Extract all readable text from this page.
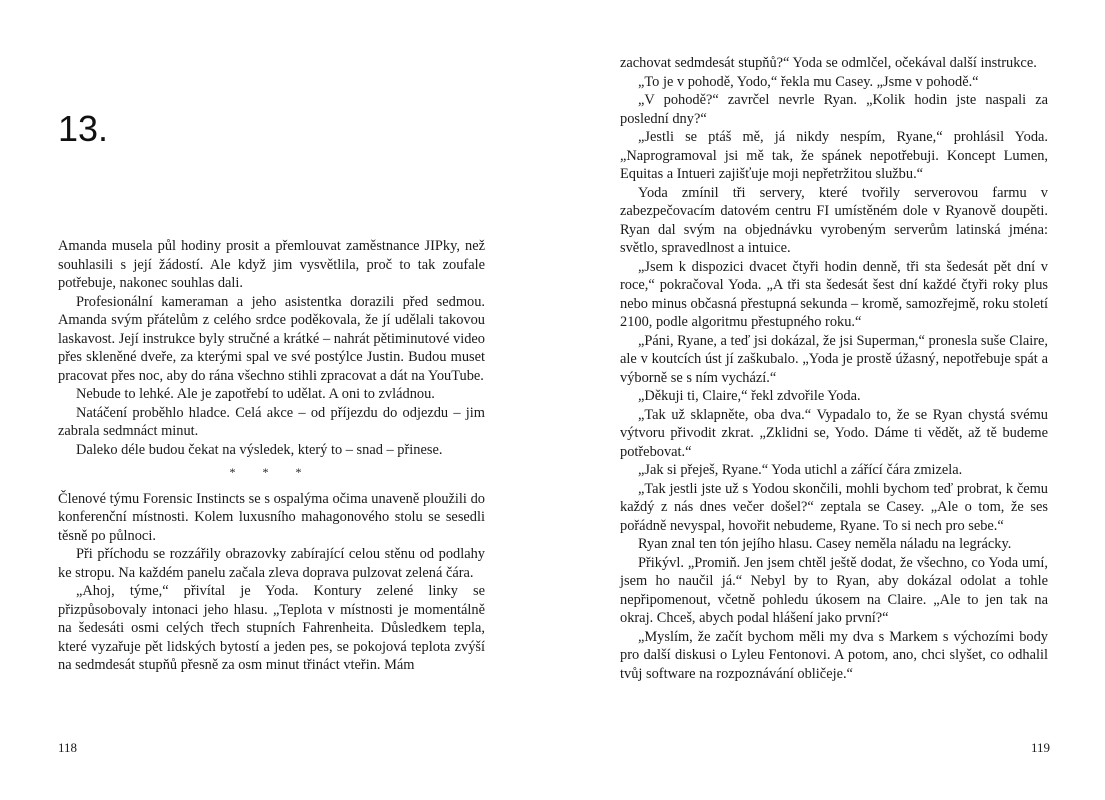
13.

Amanda musela půl hodiny prosit a přemlouvat zaměstnance JIPky, než souhlasili s její žádostí. Ale když jim vysvětlila, proč to tak zoufale potřebuje, nakonec souhlas dali.

Profesionální kameraman a jeho asistentka dorazili před sedmou. Amanda svým přátelům z celého srdce poděkovala, že jí udělali takovou laskavost. Její instrukce byly stručné a krátké – nahrát pětiminutové video přes skleněné dveře, za kterými spal ve své postýlce Justin. Budou muset pracovat přes noc, aby do rána všechno stihli zpracovat a dát na YouTube.

Nebude to lehké. Ale je zapotřebí to udělat. A oni to zvládnou.

Natáčení proběhlo hladce. Celá akce – od příjezdu do odjezdu – jim zabrala sedmnáct minut.

Daleko déle budou čekat na výsledek, který to – snad – přinese.

* * *

Členové týmu Forensic Instincts se s ospalýma očima unaveně ploužili do konferenční místnosti. Kolem luxusního mahagonového stolu se sesedli těsně po půlnoci.

Při příchodu se rozzářily obrazovky zabírající celou stěnu od podlahy ke stropu. Na každém panelu začala zleva doprava pulzovat zelená čára.

„Ahoj, týme,“ přivítal je Yoda. Kontury zelené linky se přizpůsobovaly intonaci jeho hlasu. „Teplota v místnosti je momentálně na šedesáti osmi celých třech stupních Fahrenheita. Důsledkem tepla, které vyzařuje pět lidských bytostí a jeden pes, se pokojová teplota zvýší na sedmdesát stupňů přesně za osm minut třináct vteřin. Mám

118

zachovat sedmdesát stupňů?“ Yoda se odmlčel, očekával další instrukce.

„To je v pohodě, Yodo,“ řekla mu Casey. „Jsme v pohodě.“

„V pohodě?“ zavrčel nevrle Ryan. „Kolik hodin jste naspali za poslední dny?“

„Jestli se ptáš mě, já nikdy nespím, Ryane,“ prohlásil Yoda. „Naprogramoval jsi mě tak, že spánek nepotřebuji. Koncept Lumen, Equitas a Intueri zajišťuje moji nepřetržitou službu.“

Yoda zmínil tři servery, které tvořily serverovou farmu v zabezpečovacím datovém centru FI umístěném dole v Ryanově doupěti. Ryan dal svým na objednávku vyrobeným serverům latinská jména: světlo, spravedlnost a intuice.

„Jsem k dispozici dvacet čtyři hodin denně, tři sta šedesát pět dní v roce,“ pokračoval Yoda. „A tři sta šedesát šest dní každé čtyři roky plus nebo minus občasná přestupná sekunda – kromě, samozřejmě, roku století 2100, podle algoritmu přestupného roku.“

„Páni, Ryane, a teď jsi dokázal, že jsi Superman,“ pronesla suše Claire, ale v koutcích úst jí zaškubalo. „Yoda je prostě úžasný, nepotřebuje spát a výborně se s ním vychází.“

„Děkuji ti, Claire,“ řekl zdvořile Yoda.

„Tak už sklapněte, oba dva.“ Vypadalo to, že se Ryan chystá svému výtvoru přivodit zkrat. „Zklidni se, Yodo. Dáme ti vědět, až tě budeme potřebovat.“

„Jak si přeješ, Ryane.“ Yoda utichl a zářící čára zmizela.

„Tak jestli jste už s Yodou skončili, mohli bychom teď probrat, k čemu každý z nás dnes večer došel?“ zeptala se Casey. „Ale o tom, že ses pořádně nevyspal, hovořit nebudeme, Ryane. To si nech pro sebe.“

Ryan znal ten tón jejího hlasu. Casey neměla náladu na legrácky.

Přikývl. „Promiň. Jen jsem chtěl ještě dodat, že všechno, co Yoda umí, jsem ho naučil já.“ Nebyl by to Ryan, aby dokázal odolat a tohle nepřipomenout, včetně pohledu úkosem na Claire. „Ale to jen tak na okraj. Chceš, abych podal hlášení jako první?“

„Myslím, že začít bychom měli my dva s Markem s výchozími body pro další diskusi o Lyleu Fentonovi. A potom, ano, chci slyšet, co odhalil tvůj software na rozpoznávání obličeje.“

119
